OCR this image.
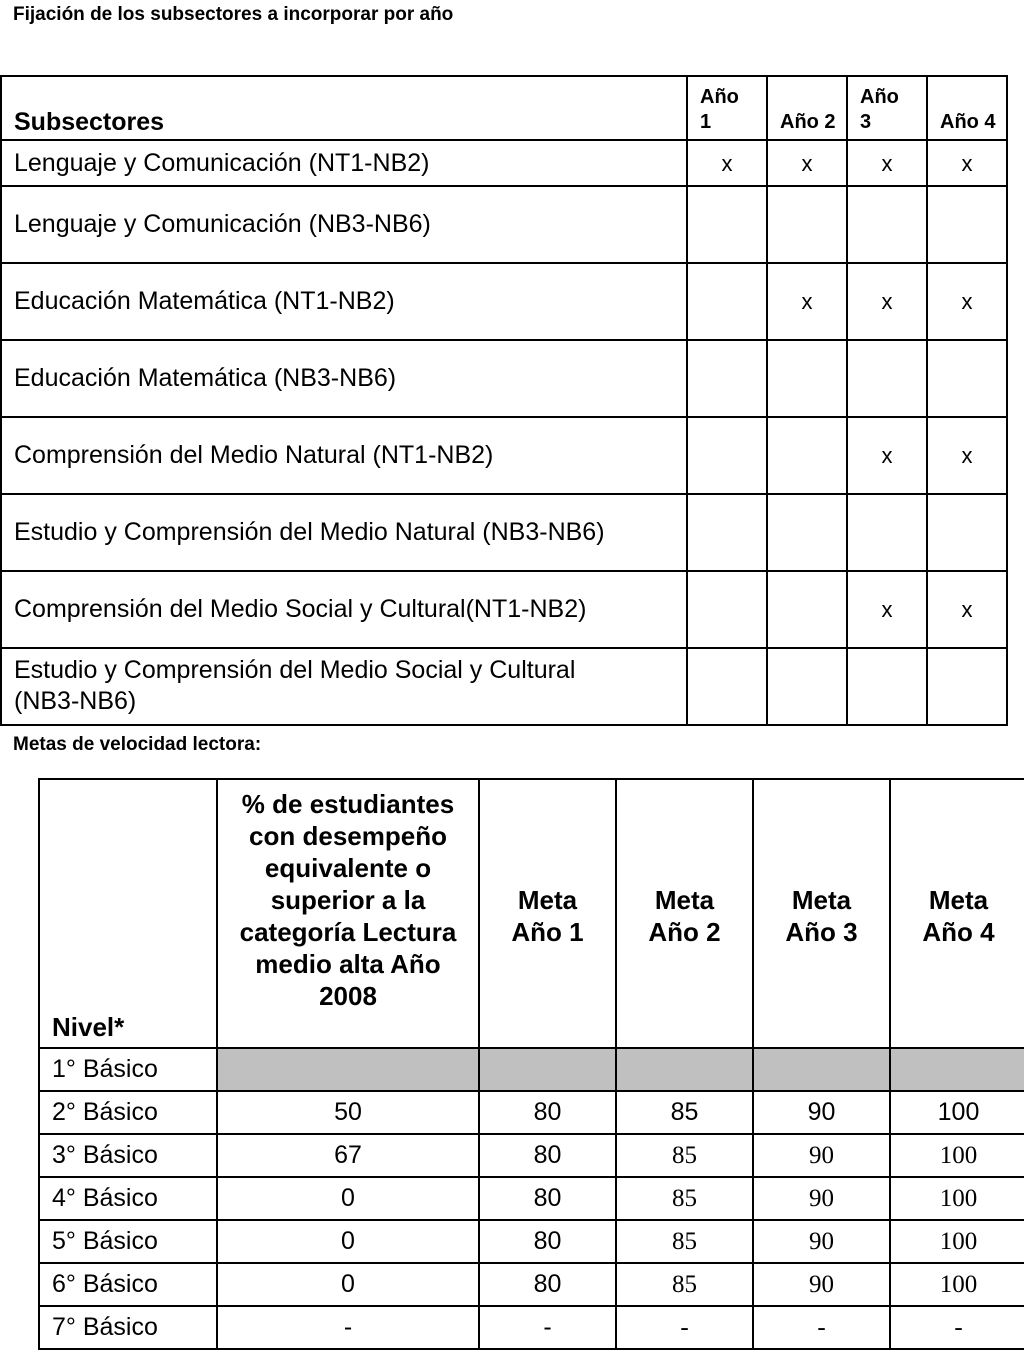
Fijación de los subsectores a incorporar por año

Subsectores	Año 1	Año 2	Año 3	Año 4
Lenguaje y Comunicación (NT1-NB2)	x	x	x	x
Lenguaje y Comunicación (NB3-NB6)				
Educación Matemática (NT1-NB2)		x	x	x
Educación Matemática (NB3-NB6)				
Comprensión del Medio Natural (NT1-NB2)			x	x
Estudio y Comprensión del Medio Natural (NB3-NB6)				
Comprensión del Medio Social y Cultural(NT1-NB2)			x	x
Estudio y Comprensión del Medio Social y Cultural (NB3-NB6)				

Metas de velocidad lectora:

Nivel*	% de estudiantes con desempeño equivalente o superior a la categoría Lectura medio alta Año 2008	Meta Año 1	Meta Año 2	Meta Año 3	Meta Año 4

1° Básico					
2° Básico	50	80	85	90	100
3° Básico	67	80	85	90	100
4° Básico	0	80	85	90	100
5° Básico	0	80	85	90	100
6° Básico	0	80	85	90	100
7° Básico	-	-	-	-	-
